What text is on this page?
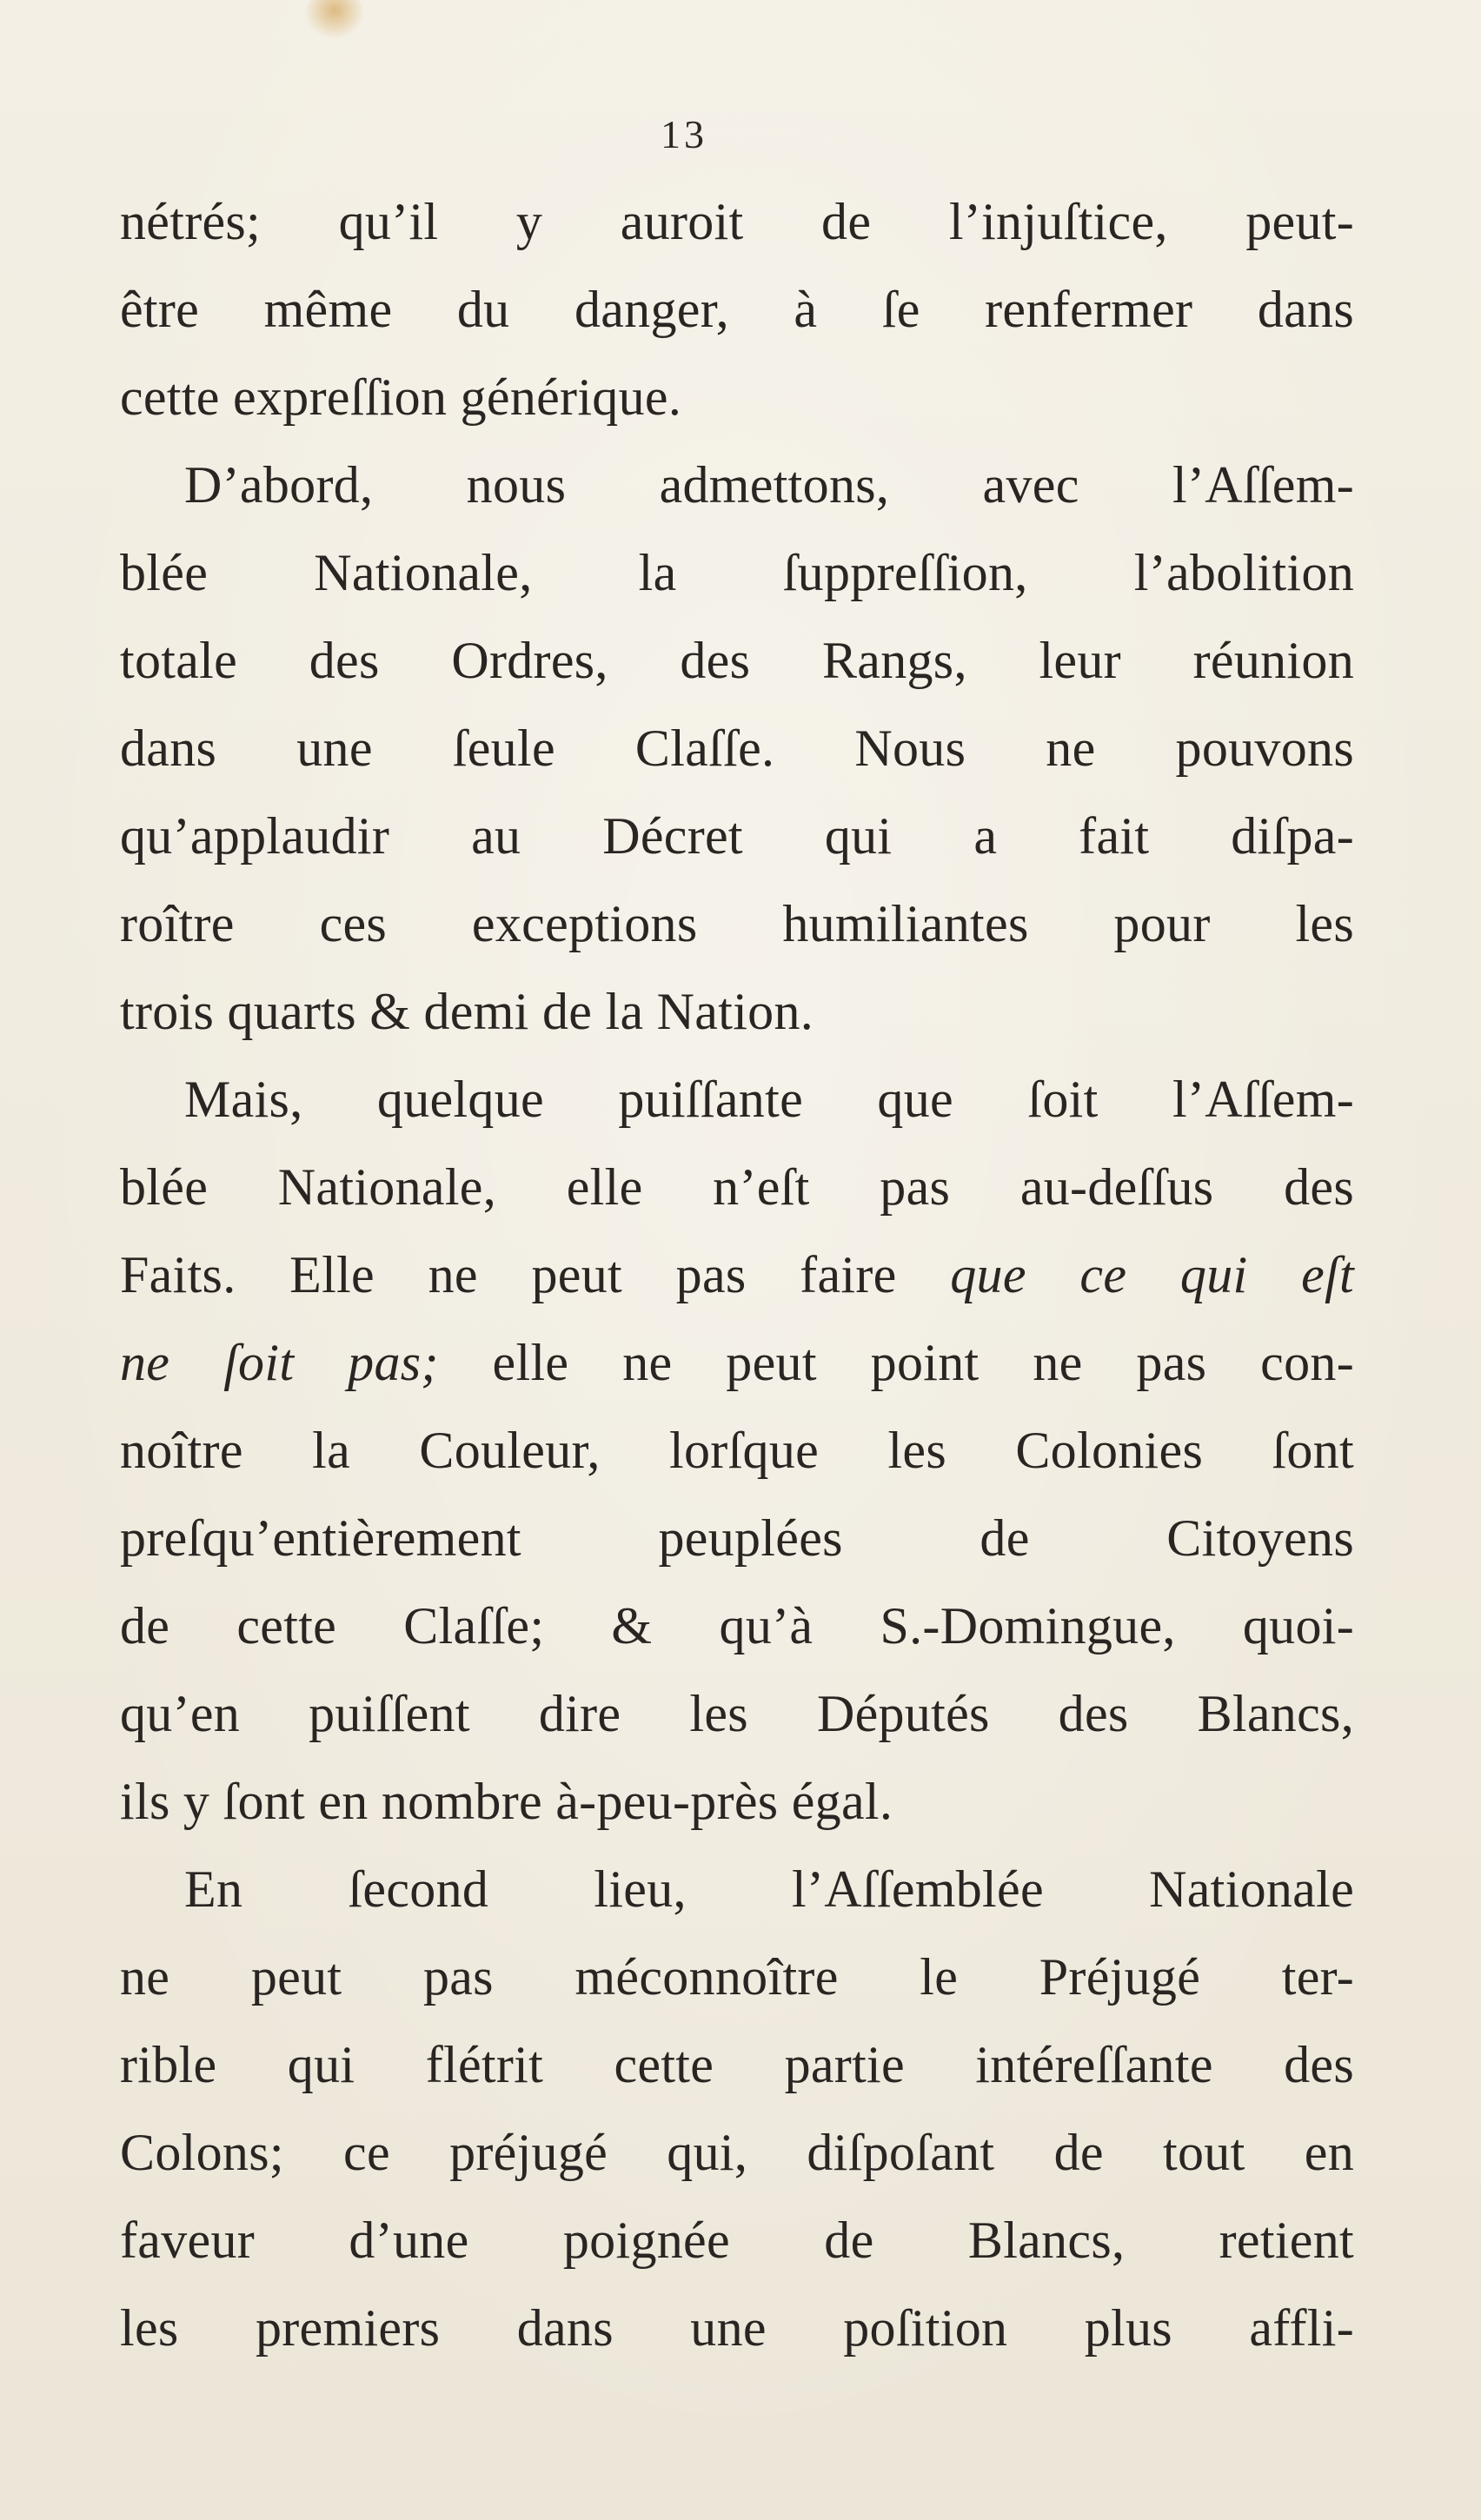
13
nétrés; qu’il y auroit de l’injuſtice, peut-
être même du danger, à ſe renfermer dans
cette expreſſion générique.
D’abord, nous admettons, avec l’Aſſem-
blée Nationale, la ſuppreſſion, l’abolition
totale des Ordres, des Rangs, leur réunion
dans une ſeule Claſſe. Nous ne pouvons
qu’applaudir au Décret qui a fait diſpa-
roître ces exceptions humiliantes pour les
trois quarts & demi de la Nation.
Mais, quelque puiſſante que ſoit l’Aſſem-
blée Nationale, elle n’eſt pas au-deſſus des
Faits. Elle ne peut pas faire que ce qui eſt
ne ſoit pas; elle ne peut point ne pas con-
noître la Couleur, lorſque les Colonies ſont
preſqu’entièrement peuplées de Citoyens
de cette Claſſe; & qu’à S.-Domingue, quoi-
qu’en puiſſent dire les Députés des Blancs,
ils y ſont en nombre à-peu-près égal.
En ſecond lieu, l’Aſſemblée Nationale
ne peut pas méconnoître le Préjugé ter-
rible qui flétrit cette partie intéreſſante des
Colons; ce préjugé qui, diſpoſant de tout en
faveur d’une poignée de Blancs, retient
les premiers dans une poſition plus affli-
